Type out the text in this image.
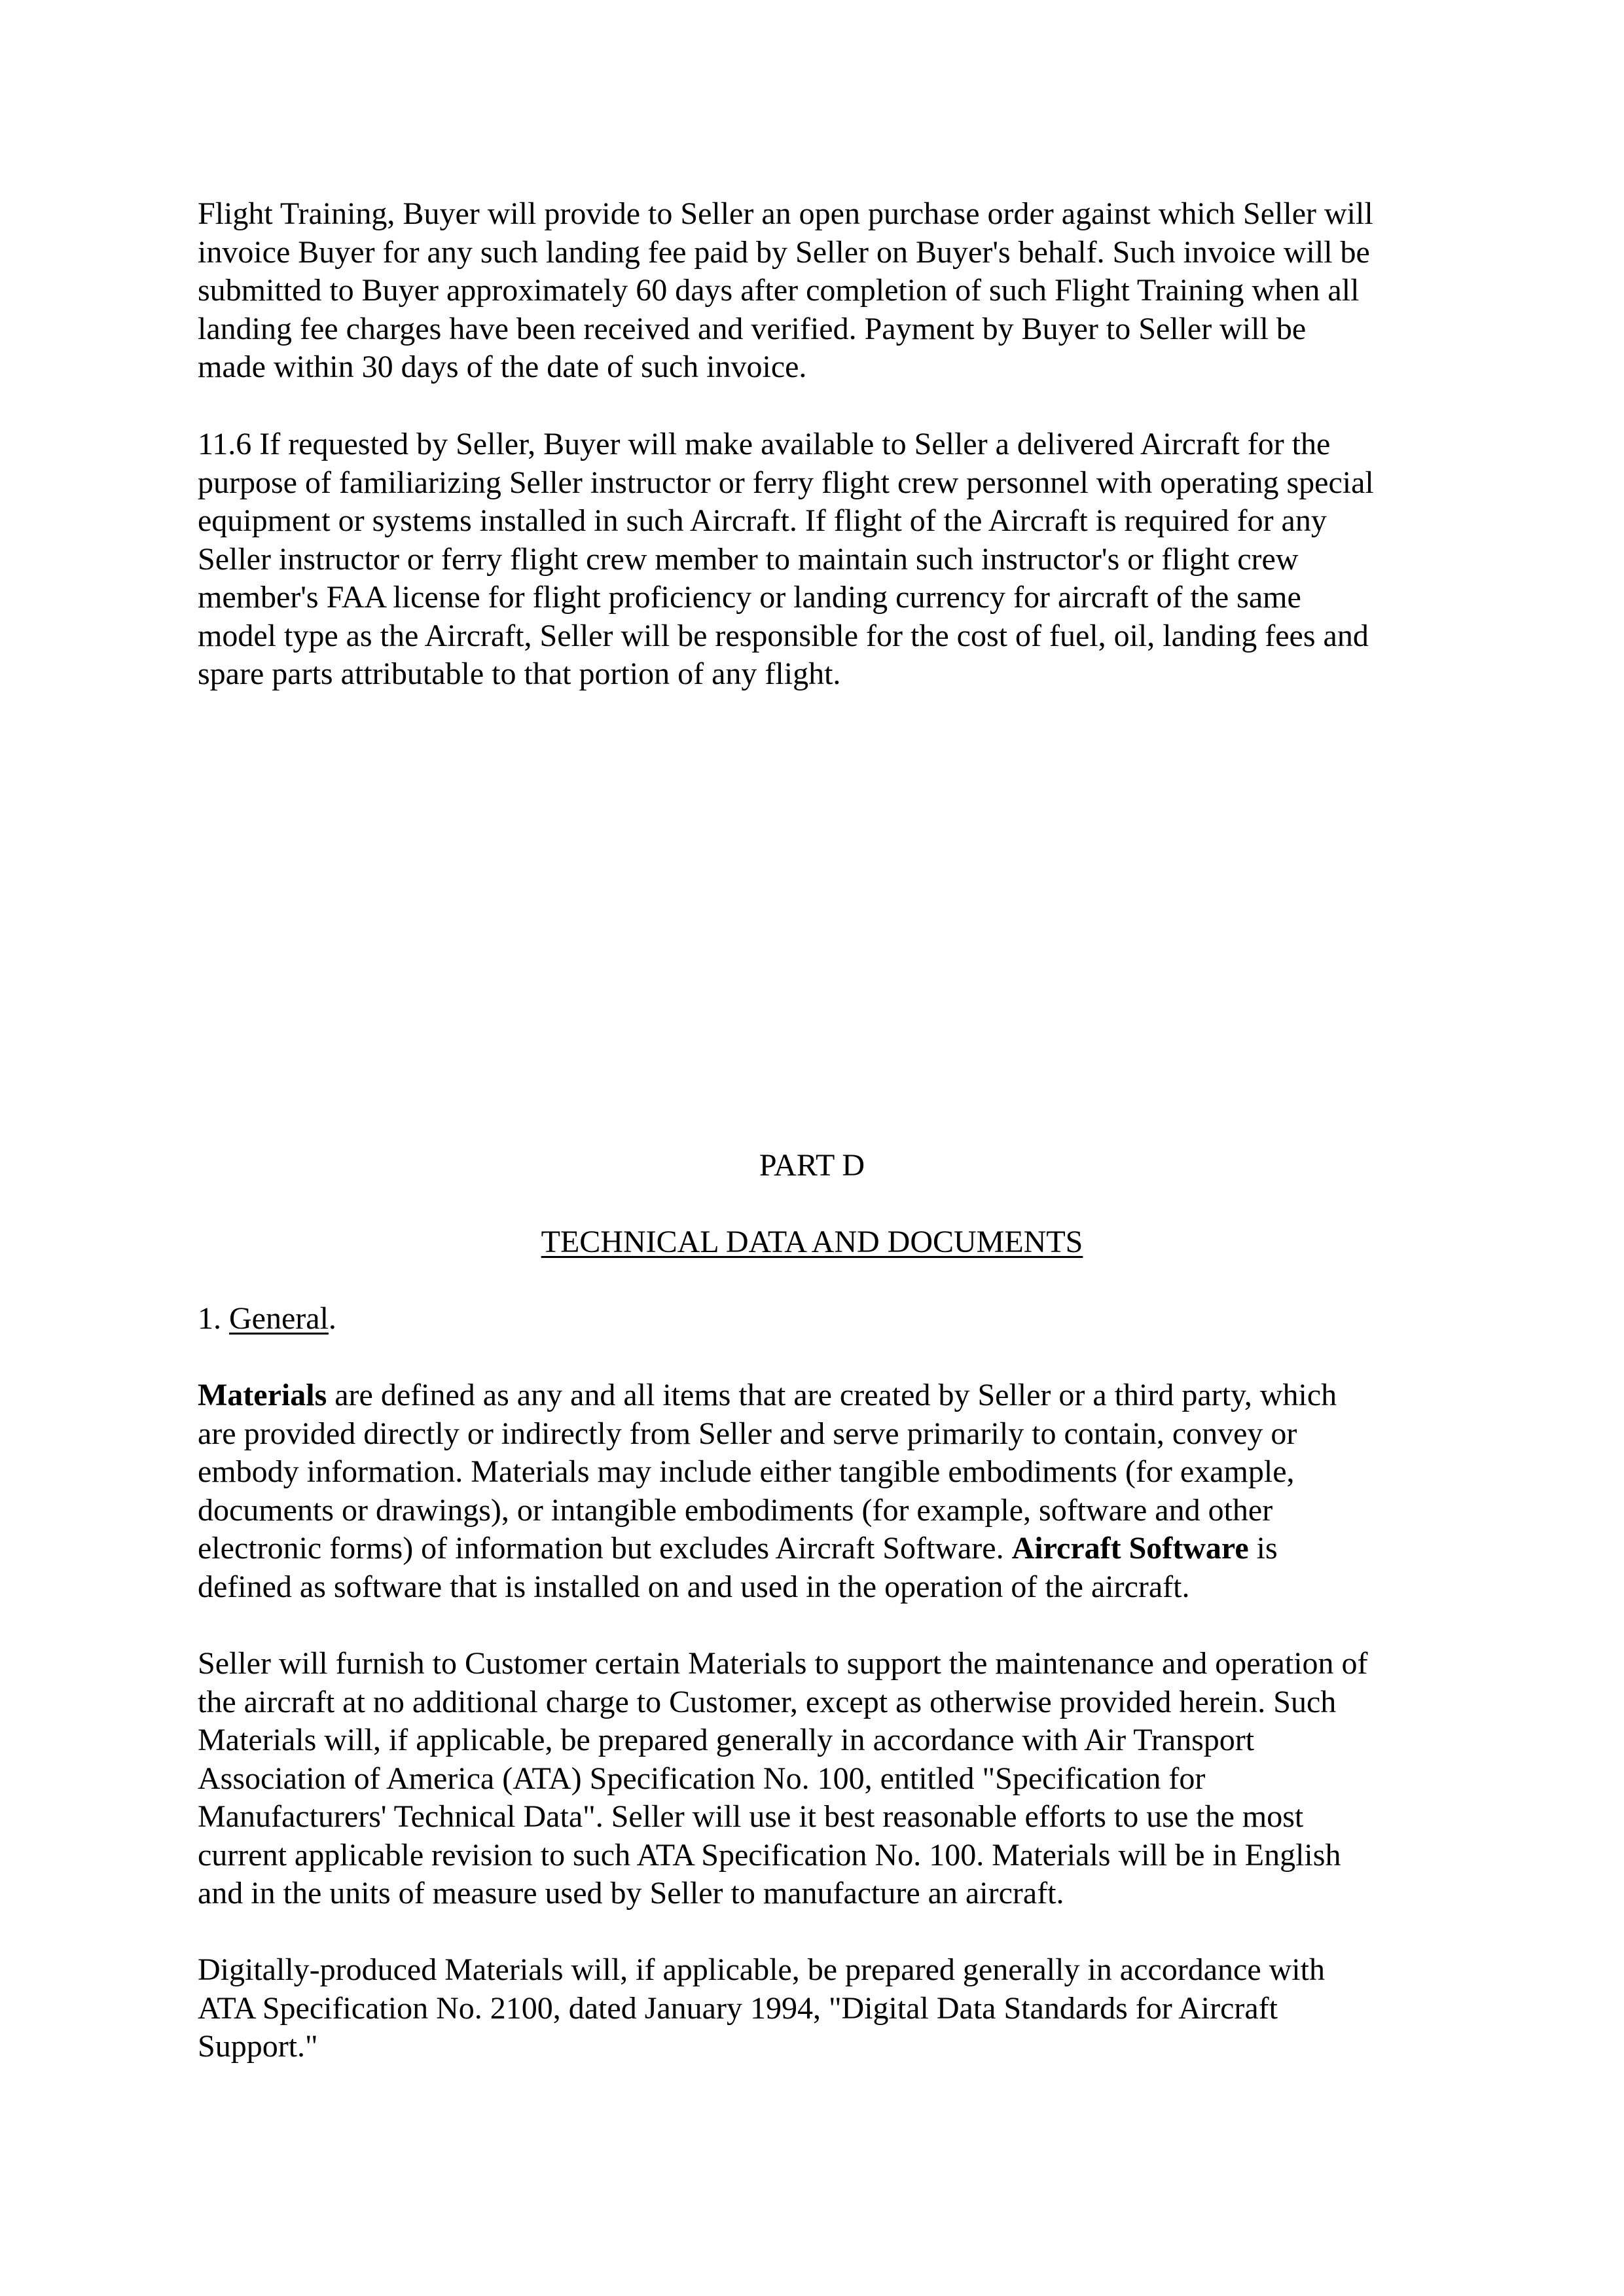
Flight Training, Buyer will provide to Seller an open purchase order against which Seller will
invoice Buyer for any such landing fee paid by Seller on Buyer's behalf. Such invoice will be
submitted to Buyer approximately 60 days after completion of such Flight Training when all
landing fee charges have been received and verified. Payment by Buyer to Seller will be
made within 30 days of the date of such invoice.

11.6 If requested by Seller, Buyer will make available to Seller a delivered Aircraft for the
purpose of familiarizing Seller instructor or ferry flight crew personnel with operating special
equipment or systems installed in such Aircraft. If flight of the Aircraft is required for any
Seller instructor or ferry flight crew member to maintain such instructor's or flight crew
member's FAA license for flight proficiency or landing currency for aircraft of the same
model type as the Aircraft, Seller will be responsible for the cost of fuel, oil, landing fees and
spare parts attributable to that portion of any flight.

PART D

TECHNICAL DATA AND DOCUMENTS

1. General.

Materials are defined as any and all items that are created by Seller or a third party, which
are provided directly or indirectly from Seller and serve primarily to contain, convey or
embody information. Materials may include either tangible embodiments (for example,
documents or drawings), or intangible embodiments (for example, software and other
electronic forms) of information but excludes Aircraft Software. Aircraft Software is
defined as software that is installed on and used in the operation of the aircraft.

Seller will furnish to Customer certain Materials to support the maintenance and operation of
the aircraft at no additional charge to Customer, except as otherwise provided herein. Such
Materials will, if applicable, be prepared generally in accordance with Air Transport
Association of America (ATA) Specification No. 100, entitled "Specification for
Manufacturers' Technical Data". Seller will use it best reasonable efforts to use the most
current applicable revision to such ATA Specification No. 100. Materials will be in English
and in the units of measure used by Seller to manufacture an aircraft.

Digitally-produced Materials will, if applicable, be prepared generally in accordance with
ATA Specification No. 2100, dated January 1994, "Digital Data Standards for Aircraft
Support."
